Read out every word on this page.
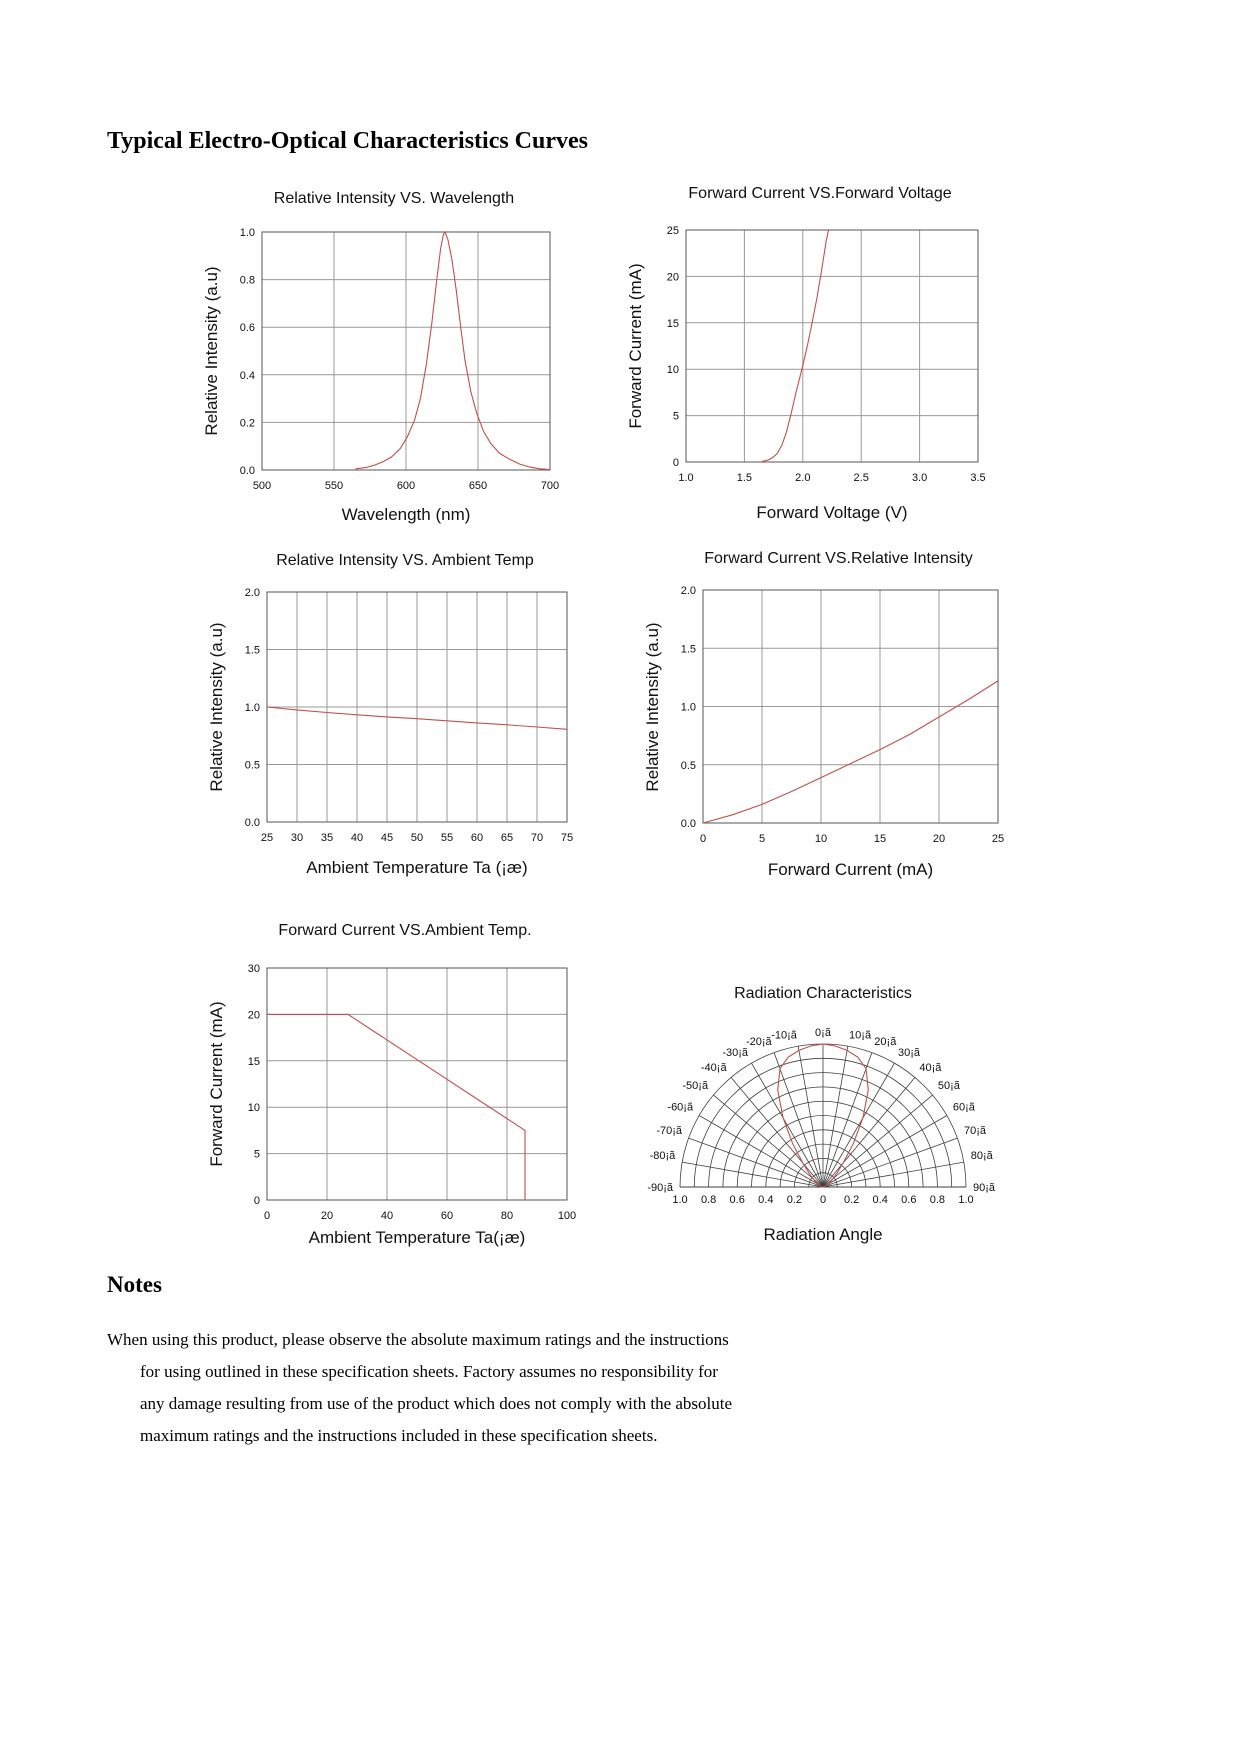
Typical Electro-Optical Characteristics Curves
Relative Intensity VS. Wavelength
Relative Intensity (a.u)
500	550	600	650	700
0.0
0.2
0.4
0.6
0.8
1.0
Wavelength (nm)
Forward Current VS.Forward Voltage
Forward Current (mA)
1.0	1.5	2.0	2.5	3.0	3.5
0
5
10
15
20
25
Forward Voltage (V)
Relative Intensity VS. Ambient Temp
Relative Intensity (a.u)
25 30 35 40 45 50 55 60 65 70 75
0.0
0.5
1.0
1.5
2.0
Ambient Temperature Ta (¡æ)
Forward Current VS.Relative Intensity
Relative Intensity (a.u)
0	5	10	15	20	25
0.0
0.5
1.0
1.5
2.0
Forward Current (mA)
Forward Current VS.Ambient Temp.
Forward Current (mA)
0	20	40	60	80	100
0
5
10
15
20
30
Ambient Temperature Ta(¡æ)
Radiation Characteristics
-90¡ã
-80¡ã
-70¡ã
-60¡ã
-50¡ã
-40¡ã
-30¡ã
-20¡ã
-10¡ã 0¡ã 10¡ã
20¡ã
30¡ã
40¡ã
50¡ã
60¡ã
70¡ã
80¡ã
90¡ã
1.0 0.8 0.6 0.4 0.2 0 0.2 0.4 0.6 0.8 1.0
Radiation Angle
Notes

When using this product, please observe the absolute maximum ratings and the instructions

for using outlined in these specification sheets. Factory assumes no responsibility for

any damage resulting from use of the product which does not comply with the absolute

maximum ratings and the instructions included in these specification sheets.
